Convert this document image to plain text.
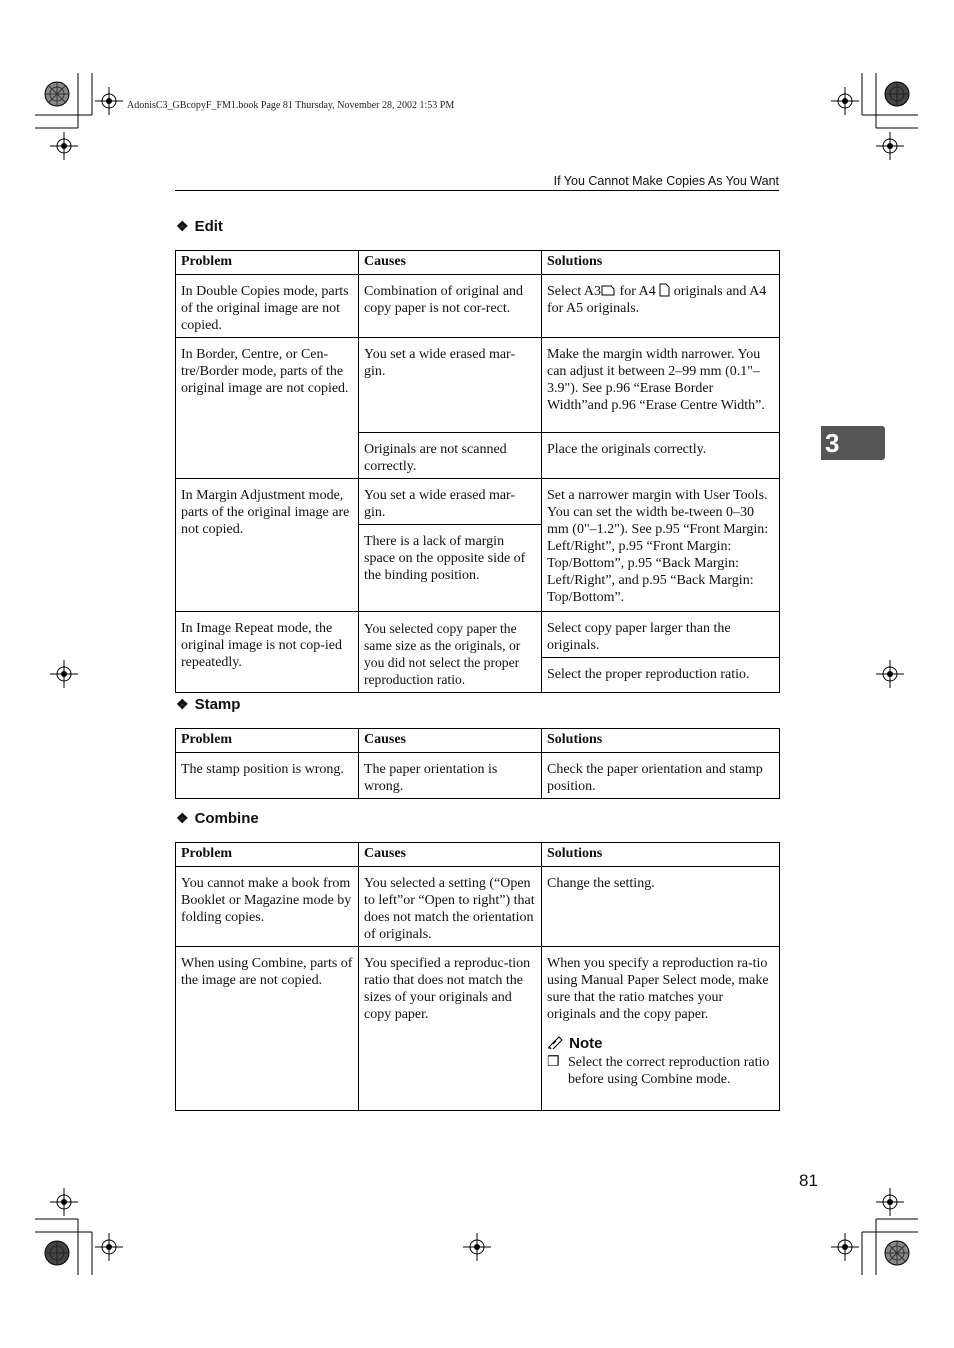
AdonisC3_GBcopyF_FM1.book Page 81 Thursday, November 28, 2002 1:53 PM
If You Cannot Make Copies As You Want
3
❖ Edit
Problem	Causes	Solutions
In Double Copies mode, parts of the original image are not copied.	Combination of original and copy paper is not cor-rect.	Select A3 for A4  originals and A4 for A5 originals.
In Border, Centre, or Cen-tre/Border mode, parts of the original image are not copied.	You set a wide erased mar-gin.	Make the margin width narrower. You can adjust it between 2–99 mm (0.1"–3.9"). See p.96 “Erase Border Width”and p.96 “Erase Centre Width”.
	Originals are not scanned correctly.	Place the originals correctly.
In Margin Adjustment mode, parts of the original image are not copied.	You set a wide erased mar-gin.	Set a narrower margin with User Tools. You can set the width be-tween 0–30 mm (0"–1.2"). See p.95 “Front Margin: Left/Right”, p.95 “Front Margin: Top/Bottom”, p.95 “Back Margin: Left/Right”, and p.95 “Back Margin: Top/Bottom”.
	There is a lack of margin space on the opposite side of the binding position.	
In Image Repeat mode, the original image is not cop-ied repeatedly.	You selected copy paper the same size as the originals, or you did not select the proper reproduction ratio.	Select copy paper larger than the originals.
		Select the proper reproduction ratio.
❖ Stamp
Problem	Causes	Solutions
The stamp position is wrong.	The paper orientation is wrong.	Check the paper orientation and stamp position.
❖ Combine
Problem	Causes	Solutions
You cannot make a book from Booklet or Magazine mode by folding copies.	You selected a setting (“Open to left”or “Open to right”) that does not match the orientation of originals.	Change the setting.
When using Combine, parts of the image are not copied.	You specified a reproduc-tion ratio that does not match the sizes of your originals and copy paper.	When you specify a reproduction ra-tio using Manual Paper Select mode, make sure that the ratio matches your originals and the copy paper.
Note
❒ Select the correct reproduction ratio before using Combine mode.
81
